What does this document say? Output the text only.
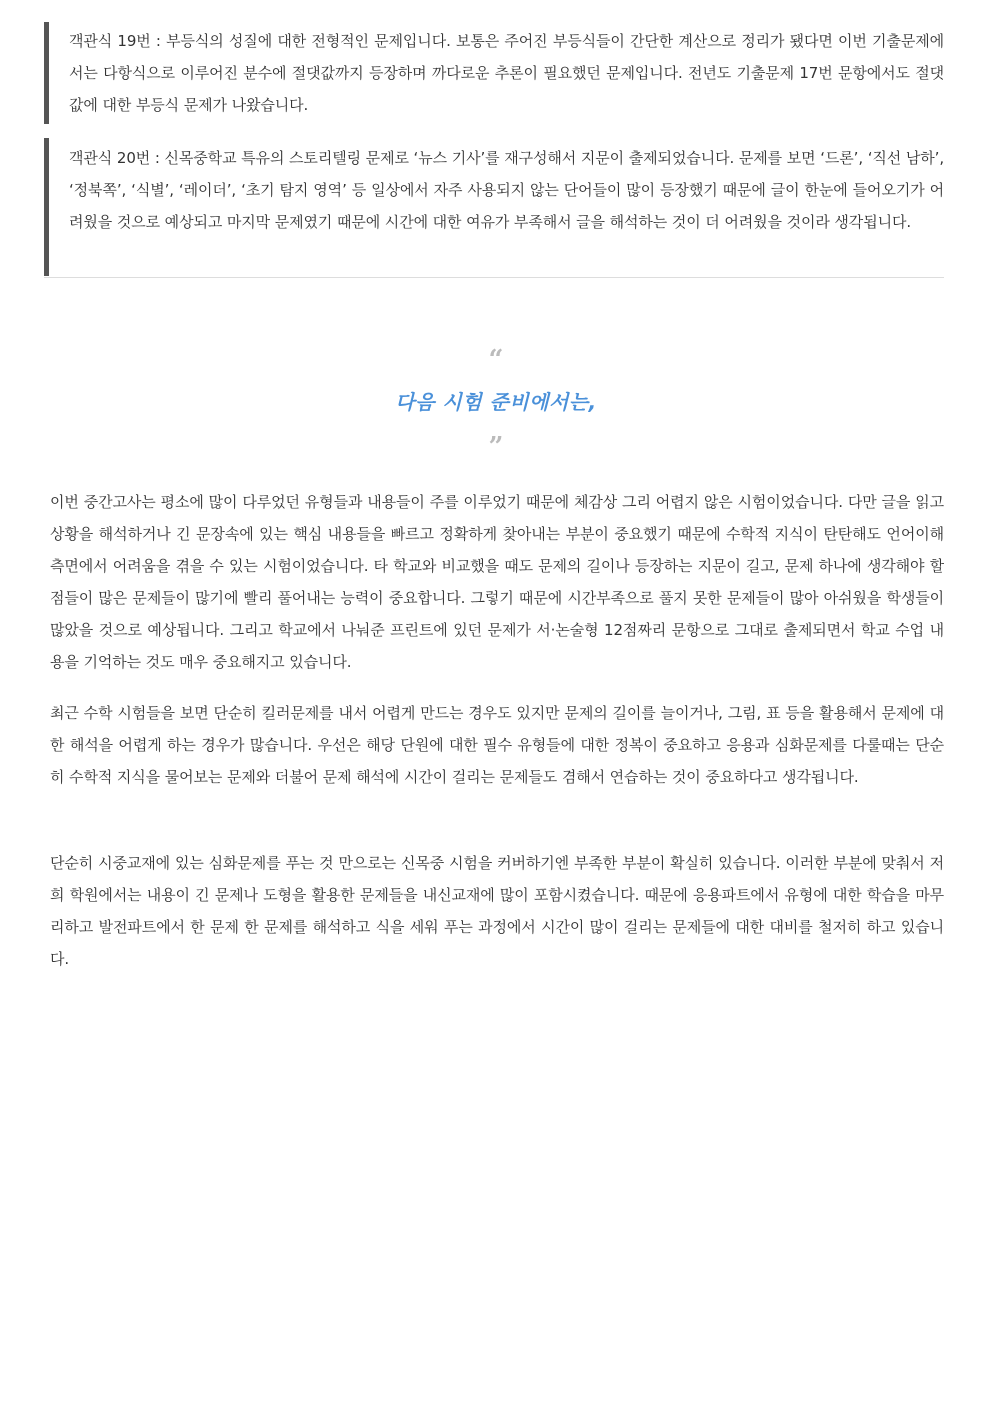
객관식 19번 : 부등식의 성질에 대한 전형적인 문제입니다. 보통은 주어진 부등식들이 간단한 계산으로 정리가 됐다면 이번 기출문제에서는 다항식으로 이루어진 분수에 절댓값까지 등장하며 까다로운 추론이 필요했던 문제입니다. 전년도 기출문제 17번 문항에서도 절댓값에 대한 부등식 문제가 나왔습니다.

객관식 20번 : 신목중학교 특유의 스토리텔링 문제로 ‘뉴스 기사’를 재구성해서 지문이 출제되었습니다. 문제를 보면 ‘드론’, ‘직선 남하’, ‘정북쪽’, ‘식별’, ‘레이더’, ‘초기 탐지 영역’ 등 일상에서 자주 사용되지 않는 단어들이 많이 등장했기 때문에 글이 한눈에 들어오기가 어려웠을 것으로 예상되고 마지막 문제였기 때문에 시간에 대한 여유가 부족해서 글을 해석하는 것이 더 어려웠을 것이라 생각됩니다.

“
다음 시험 준비에서는,
”

이번 중간고사는 평소에 많이 다루었던 유형들과 내용들이 주를 이루었기 때문에 체감상 그리 어렵지 않은 시험이었습니다. 다만 글을 읽고 상황을 해석하거나 긴 문장속에 있는 핵심 내용들을 빠르고 정확하게 찾아내는 부분이 중요했기 때문에 수학적 지식이 탄탄해도 언어이해 측면에서 어려움을 겪을 수 있는 시험이었습니다. 타 학교와 비교했을 때도 문제의 길이나 등장하는 지문이 길고, 문제 하나에 생각해야 할 점들이 많은 문제들이 많기에 빨리 풀어내는 능력이 중요합니다. 그렇기 때문에 시간부족으로 풀지 못한 문제들이 많아 아쉬웠을 학생들이 많았을 것으로 예상됩니다. 그리고 학교에서 나눠준 프린트에 있던 문제가 서·논술형 12점짜리 문항으로 그대로 출제되면서 학교 수업 내용을 기억하는 것도 매우 중요해지고 있습니다.

최근 수학 시험들을 보면 단순히 킬러문제를 내서 어렵게 만드는 경우도 있지만 문제의 길이를 늘이거나, 그림, 표 등을 활용해서 문제에 대한 해석을 어렵게 하는 경우가 많습니다. 우선은 해당 단원에 대한 필수 유형들에 대한 정복이 중요하고 응용과 심화문제를 다룰때는 단순히 수학적 지식을 물어보는 문제와 더불어 문제 해석에 시간이 걸리는 문제들도 겸해서 연습하는 것이 중요하다고 생각됩니다.

단순히 시중교재에 있는 심화문제를 푸는 것 만으로는 신목중 시험을 커버하기엔 부족한 부분이 확실히 있습니다. 이러한 부분에 맞춰서 저희 학원에서는 내용이 긴 문제나 도형을 활용한 문제들을 내신교재에 많이 포함시켰습니다. 때문에 응용파트에서 유형에 대한 학습을 마무리하고 발전파트에서 한 문제 한 문제를 해석하고 식을 세워 푸는 과정에서 시간이 많이 걸리는 문제들에 대한 대비를 철저히 하고 있습니다.
